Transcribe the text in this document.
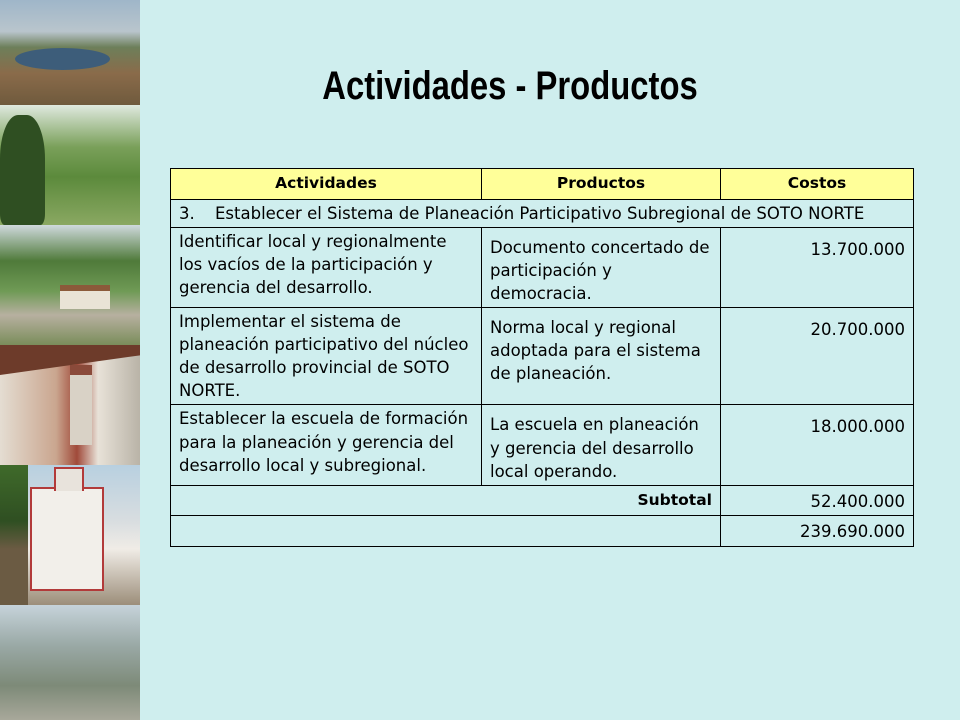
Actividades - Productos
Actividades	Productos	Costos

3. Establecer el Sistema de Planeación Participativo Subregional de SOTO NORTE		

Identificar local y regionalmente los vacíos de la participación y gerencia del desarrollo.	Documento concertado de participación y democracia.	13.700.000
Implementar el sistema de planeación participativo del núcleo de desarrollo provincial de SOTO NORTE.	Norma local y regional adoptada para el sistema de planeación.	20.700.000
Establecer la escuela de formación para la planeación y gerencia del desarrollo local y subregional.	La escuela en planeación y gerencia del desarrollo local operando.	18.000.000
Subtotal		52.400.000
		239.690.000
